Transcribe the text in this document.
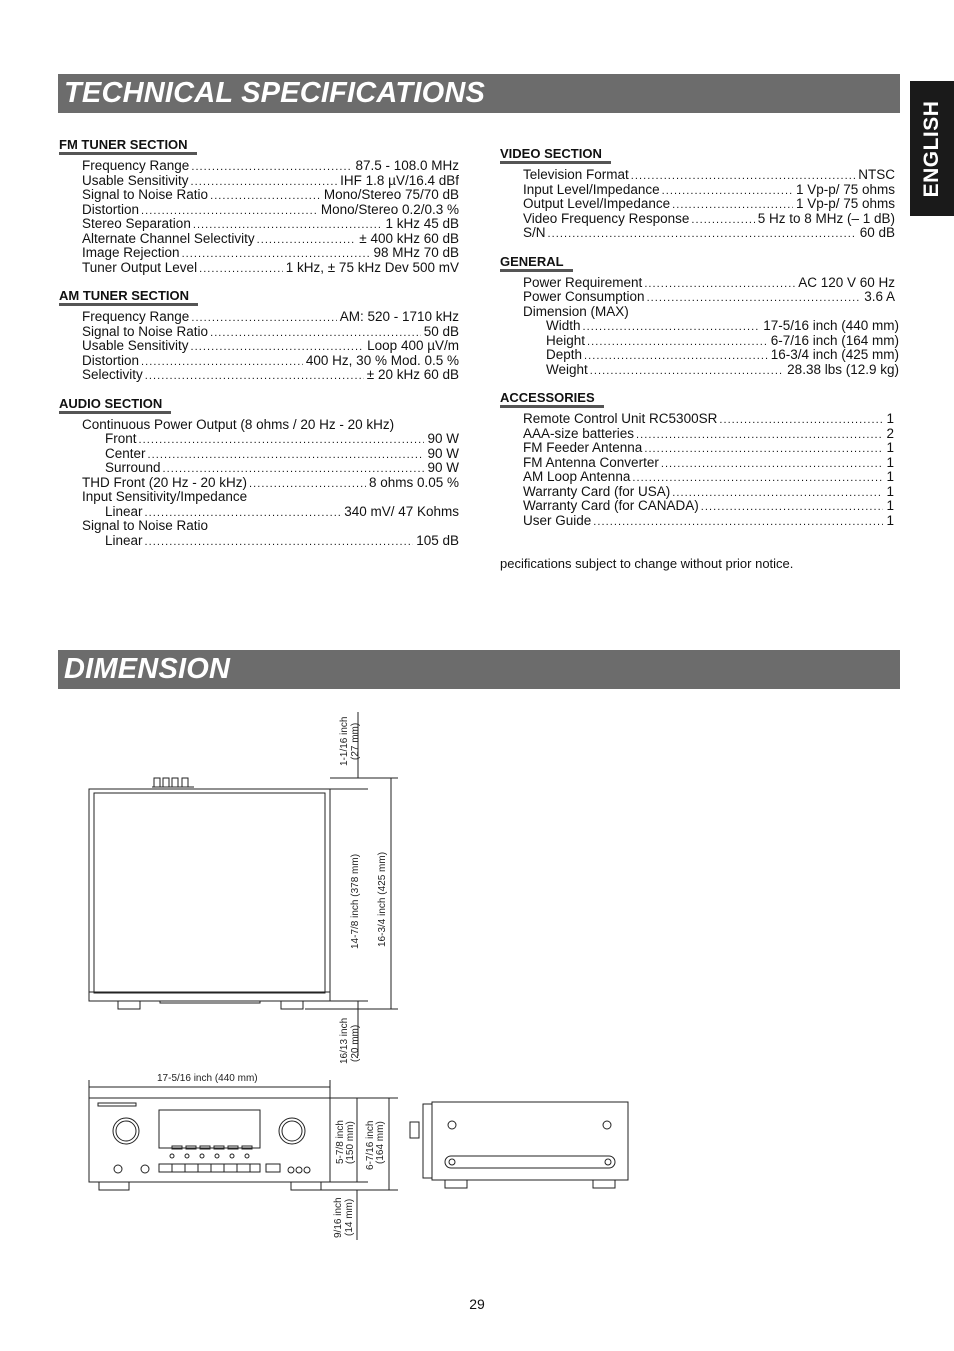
TECHNICAL SPECIFICATIONS
ENGLISH
FM TUNER SECTION
Frequency Range . . .	87.5 - 108.0 MHz
Usable Sensitivity . . .	IHF 1.8 µV/16.4 dBf
Signal to Noise Ratio . . .	Mono/Stereo 75/70 dB
Distortion . . .	Mono/Stereo 0.2/0.3 %
Stereo Separation . . .	1 kHz 45 dB
Alternate Channel Selectivity . . .	± 400 kHz 60 dB
Image Rejection . . .	98 MHz 70 dB
Tuner Output Level . . .	1 kHz, ± 75 kHz Dev 500 mV
AM TUNER SECTION
Frequency Range . . .	AM: 520 - 1710 kHz
Signal to Noise Ratio . . .	50 dB
Usable Sensitivity . . .	Loop 400 µV/m
Distortion . . .	400 Hz, 30 % Mod. 0.5 %
Selectivity . . .	± 20 kHz 60 dB
AUDIO SECTION
Continuous Power Output (8 ohms / 20 Hz - 20 kHz)
Front . . .	90 W
Center . . .	90 W
Surround . . .	90 W
THD Front (20 Hz - 20 kHz) . . .	8 ohms 0.05 %
Input Sensitivity/Impedance
Linear . . .	340 mV/ 47 Kohms
Signal to Noise Ratio
Linear . . .	105 dB
VIDEO SECTION
Television Format . . .	NTSC
Input Level/Impedance . . .	1 Vp-p/ 75 ohms
Output Level/Impedance . . .	1 Vp-p/ 75 ohms
Video Frequency Response . . .	5 Hz to 8 MHz (– 1 dB)
S/N . . .	60 dB
GENERAL
Power Requirement . . .	AC 120 V 60 Hz
Power Consumption . . .	3.6 A
Dimension (MAX)
Width . . .	17-5/16 inch (440 mm)
Height . . .	6-7/16 inch (164 mm)
Depth . . .	16-3/4 inch (425 mm)
Weight . . .	28.38 lbs (12.9 kg)
ACCESSORIES
Remote Control Unit RC5300SR . . .	1
AAA-size batteries . . .	2
FM Feeder Antenna . . .	1
FM Antenna Converter . . .	1
AM Loop Antenna . . .	1
Warranty Card (for USA) . . .	1
Warranty Card (for CANADA) . . .	1
User Guide . . .	1
pecifications subject to change without prior notice.
DIMENSION
1-1/16 inch (27 mm)
14-7/8 inch (378 mm) 16-3/4 inch (425 mm)
16/13 inch (20 mm)
17-5/16 inch (440 mm)
5-7/8 inch (150 mm) 6-7/16 inch (164 mm)
9/16 inch (14 mm)
29
